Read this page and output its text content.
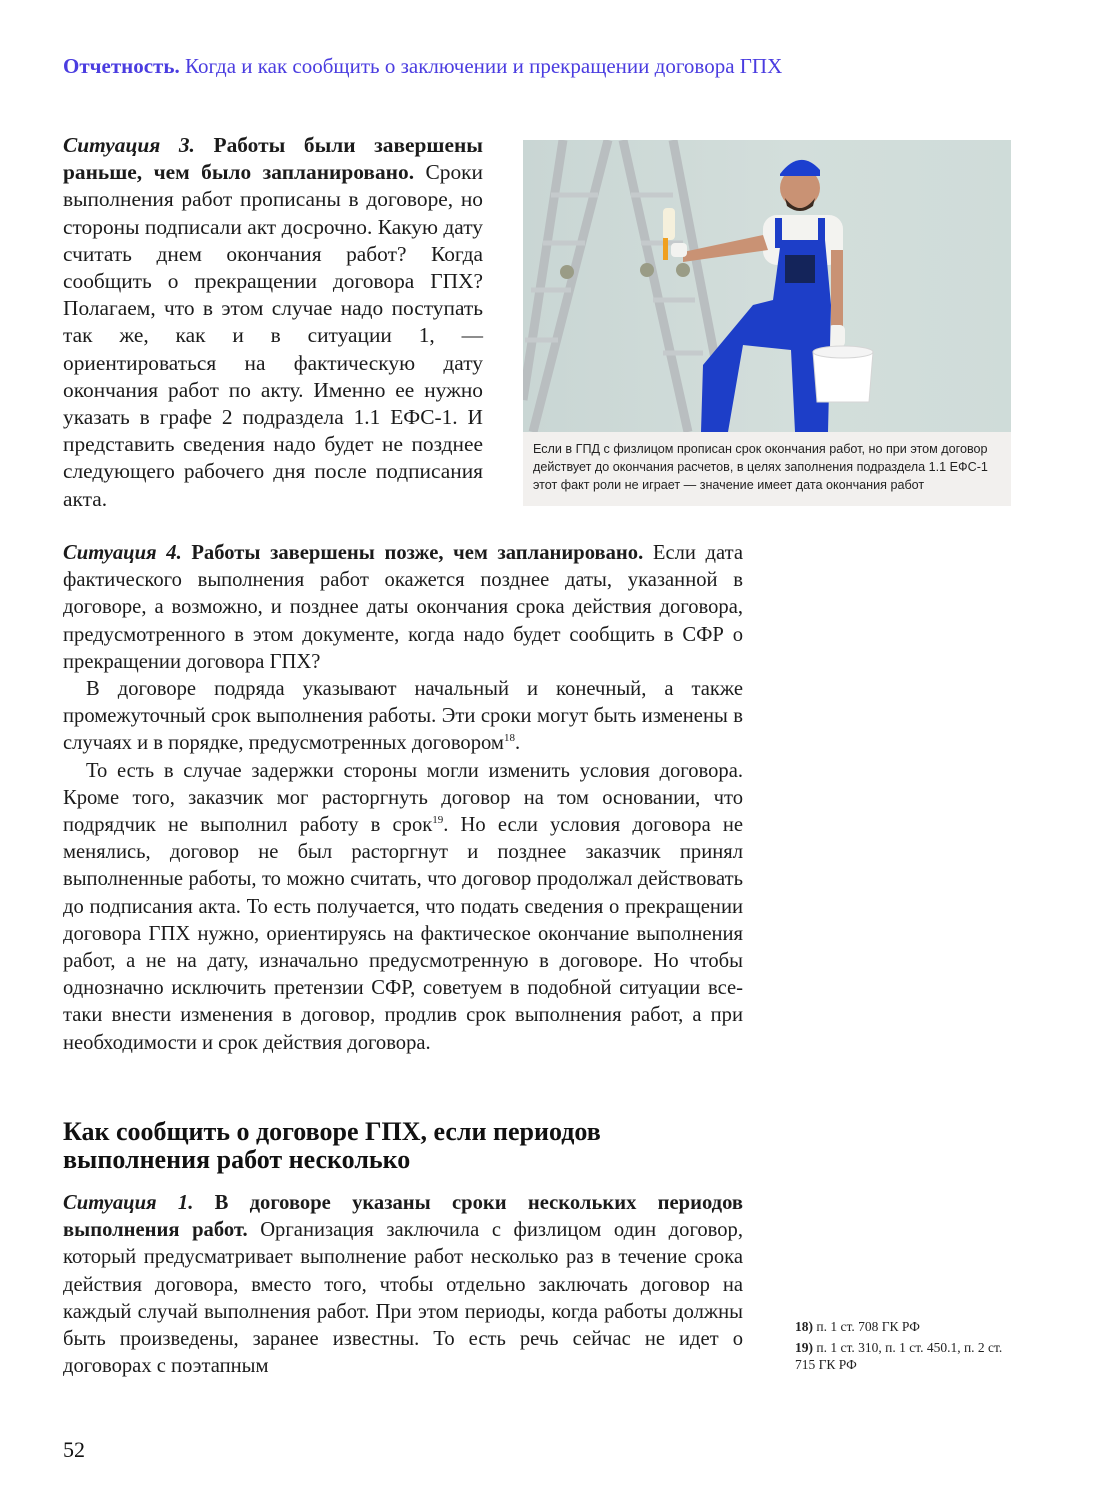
Отчетность. Когда и как сообщить о заключении и прекращении договора ГПХ

Ситуация 3. Работы были завершены раньше, чем было запланировано. Сроки выполнения работ прописаны в договоре, но стороны подписали акт досрочно. Какую дату считать днем окончания работ? Когда сообщить о прекращении договора ГПХ? Полагаем, что в этом случае надо поступать так же, как и в ситуации 1, — ориентироваться на фактическую дату окончания работ по акту. Именно ее нужно указать в графе 2 подраздела 1.1 ЕФС-1. И представить сведения надо будет не позднее следующего рабочего дня после подписания акта.

Если в ГПД с физлицом прописан срок окончания работ, но при этом договор действует до окончания расчетов, в целях заполнения подраздела 1.1 ЕФС-1 этот факт роли не играет — значение имеет дата окончания работ

Ситуация 4. Работы завершены позже, чем запланировано. Если дата фактического выполнения работ окажется позднее даты, указанной в договоре, а возможно, и позднее даты окончания срока действия договора, предусмотренного в этом документе, когда надо будет сообщить в СФР о прекращении договора ГПХ?

В договоре подряда указывают начальный и конечный, а также промежуточный срок выполнения работы. Эти сроки могут быть изменены в случаях и в порядке, предусмотренных договором$^{18}$.

То есть в случае задержки стороны могли изменить условия договора. Кроме того, заказчик мог расторгнуть договор на том основании, что подрядчик не выполнил работу в срок$^{19}$. Но если условия договора не менялись, договор не был расторгнут и позднее заказчик принял выполненные работы, то можно считать, что договор продолжал действовать до подписания акта. То есть получается, что подать сведения о прекращении договора ГПХ нужно, ориентируясь на фактическое окончание выполнения работ, а не на дату, изначально предусмотренную в договоре. Но чтобы однозначно исключить претензии СФР, советуем в подобной ситуации все-таки внести изменения в договор, продлив срок выполнения работ, а при необходимости и срок действия договора.

Как сообщить о договоре ГПХ, если периодов выполнения работ несколько

Ситуация 1. В договоре указаны сроки нескольких периодов выполнения работ. Организация заключила с физлицом один договор, который предусматривает выполнение работ несколько раз в течение срока действия договора, вместо того, чтобы отдельно заключать договор на каждый случай выполнения работ. При этом периоды, когда работы должны быть произведены, заранее известны. То есть речь сейчас не идет о договорах с поэтапным

18) п. 1 ст. 708 ГК РФ
19) п. 1 ст. 310, п. 1 ст. 450.1, п. 2 ст. 715 ГК РФ
52
